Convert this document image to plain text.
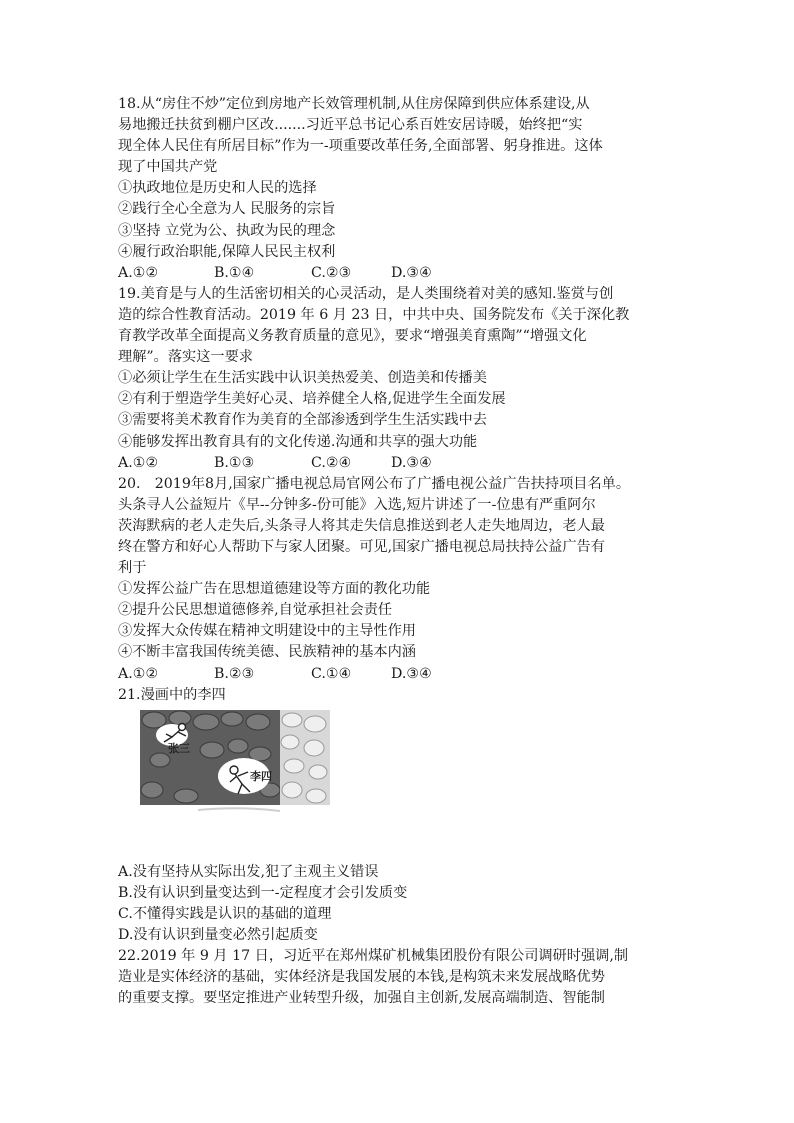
18.从“房住不炒”定位到房地产长效管理机制,从住房保障到供应体系建设,从
易地搬迁扶贫到棚户区改.......习近平总书记心系百姓安居诗暖，始终把“实
现全体人民住有所居目标”作为一-项重要改革任务,全面部署、躬身推进。这体
现了中国共产党
①执政地位是历史和人民的选择
②践行全心全意为人 民服务的宗旨
③坚持 立党为公、执政为民的理念
④履行政治职能,保障人民民主权利
A.①②	B.①④	C.②③	D.③④
19.美育是与人的生活密切相关的心灵活动，是人类围绕着对美的感知.鉴赏与创
造的综合性教育活动。2019 年 6 月 23 日，中共中央、国务院发布《关于深化教
育教学改革全面提高义务教育质量的意见》，要求“增强美育熏陶”“增强文化
理解”。落实这一要求
①必须让学生在生活实践中认识美热爱美、创造美和传播美
②有利于塑造学生美好心灵、培养健全人格,促进学生全面发展
③需要将美术教育作为美育的全部渗透到学生生活实践中去
④能够发挥出教育具有的文化传递.沟通和共享的强大功能
A.①②	B.①③	C.②④	D.③④
20.　2019年8月,国家广播电视总局官网公布了广播电视公益广告扶持项目名单。
头条寻人公益短片《早--分钟多-份可能》入选,短片讲述了一-位患有严重阿尔
茨海默病的老人走失后,头条寻人将其走失信息推送到老人走失地周边，老人最
终在警方和好心人帮助下与家人团聚。可见,国家广播电视总局扶持公益广告有
利于
①发挥公益广告在思想道德建设等方面的教化功能
②提升公民思想道德修养,自觉承担社会责任
③发挥大众传媒在精神文明建设中的主导性作用
④不断丰富我国传统美德、民族精神的基本内涵
A.①②	B.②③	C.①④	D.③④
21.漫画中的李四
张三
李四
A.没有坚持从实际出发,犯了主观主义错误
B.没有认识到量变达到一-定程度才会引发质变
C.不懂得实践是认识的基础的道理
D.没有认识到量变必然引起质变
22.2019 年 9 月 17 日，习近平在郑州煤矿机械集团股份有限公司调研时强调,制
造业是实体经济的基础，实体经济是我国发展的本钱,是构筑未来发展战略优势
的重要支撑。要坚定推进产业转型升级，加强自主创新,发展高端制造、智能制
